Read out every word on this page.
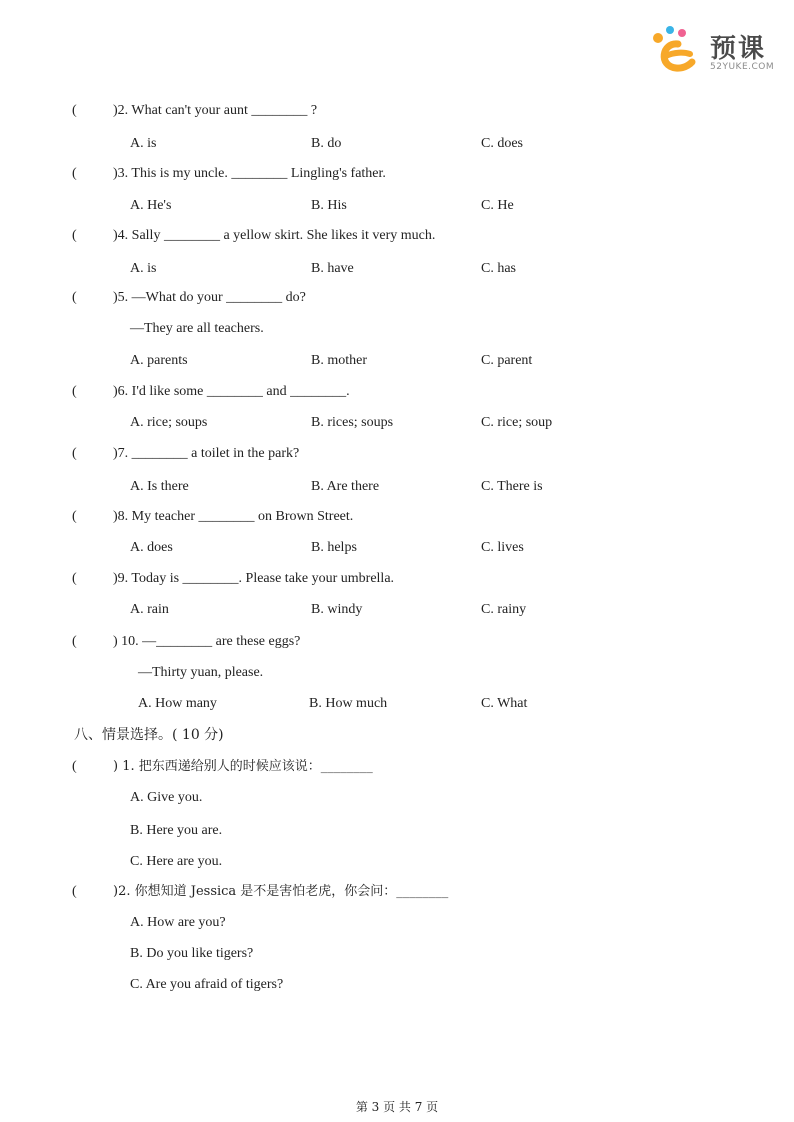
预课
52YUKE.COM
(	)2. What can't your aunt ________ ?
A. is	B. do	C. does
(	)3. This is my uncle. ________ Lingling's father.
A. He's	B. His	C. He
(	)4. Sally ________ a yellow skirt. She likes it very much.
A. is	B. have	C. has
(	)5. —What do your ________ do?
—They are all teachers.
A. parents	B. mother	C. parent
(	)6. I'd like some ________ and ________.
A. rice; soups	B. rices; soups	C. rice; soup
(	)7. ________ a toilet in the park?
A. Is there	B. Are there	C. There is
(	)8. My teacher ________ on Brown Street.
A. does	B. helps	C. lives
(	)9. Today is ________. Please take your umbrella.
A. rain	B. windy	C. rainy
(	) 10. —________ are these eggs?
—Thirty yuan, please.
A. How many	B. How much	C. What
八、情景选择。( 10 分)
(	) 1. 把东西递给别人的时候应该说：________
A. Give you.
B. Here you are.
C. Here are you.
(	)2. 你想知道 Jessica 是不是害怕老虎，你会问：________
A. How are you?
B. Do you like tigers?
C. Are you afraid of tigers?
第 3 页 共 7 页
